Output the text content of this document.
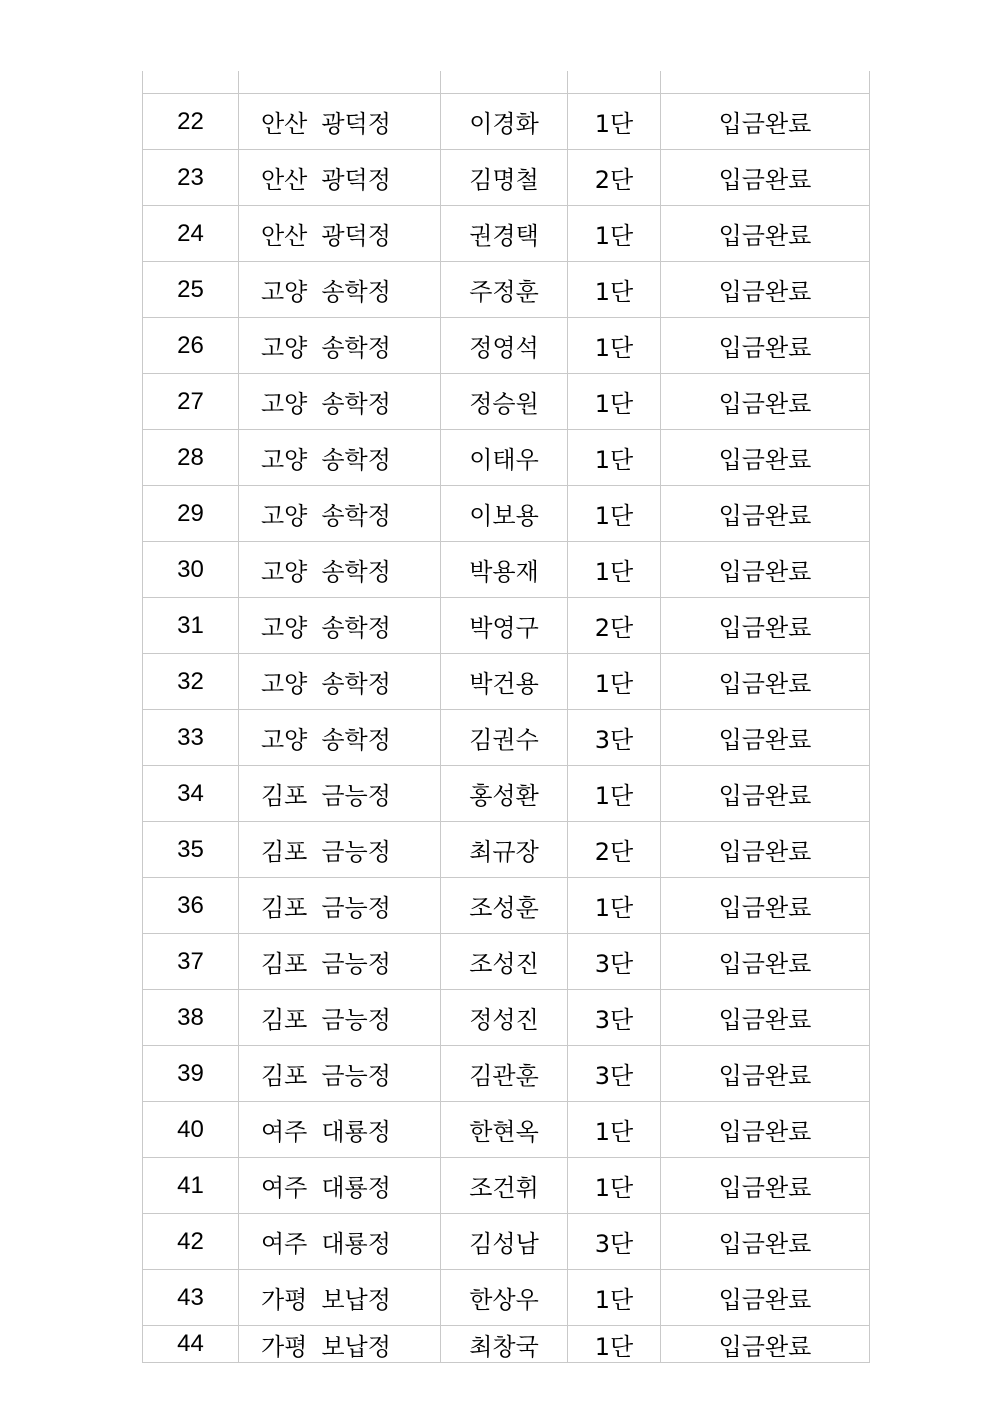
22	안산 광덕정	이경화	1단	입금완료
23	안산 광덕정	김명철	2단	입금완료
24	안산 광덕정	권경택	1단	입금완료
25	고양 송학정	주정훈	1단	입금완료
26	고양 송학정	정영석	1단	입금완료
27	고양 송학정	정승원	1단	입금완료
28	고양 송학정	이태우	1단	입금완료
29	고양 송학정	이보용	1단	입금완료
30	고양 송학정	박용재	1단	입금완료
31	고양 송학정	박영구	2단	입금완료
32	고양 송학정	박건용	1단	입금완료
33	고양 송학정	김권수	3단	입금완료
34	김포 금능정	홍성환	1단	입금완료
35	김포 금능정	최규장	2단	입금완료
36	김포 금능정	조성훈	1단	입금완료
37	김포 금능정	조성진	3단	입금완료
38	김포 금능정	정성진	3단	입금완료
39	김포 금능정	김관훈	3단	입금완료
40	여주 대룡정	한현옥	1단	입금완료
41	여주 대룡정	조건휘	1단	입금완료
42	여주 대룡정	김성남	3단	입금완료
43	가평 보납정	한상우	1단	입금완료
44	가평 보납정	최창국	1단	입금완료
